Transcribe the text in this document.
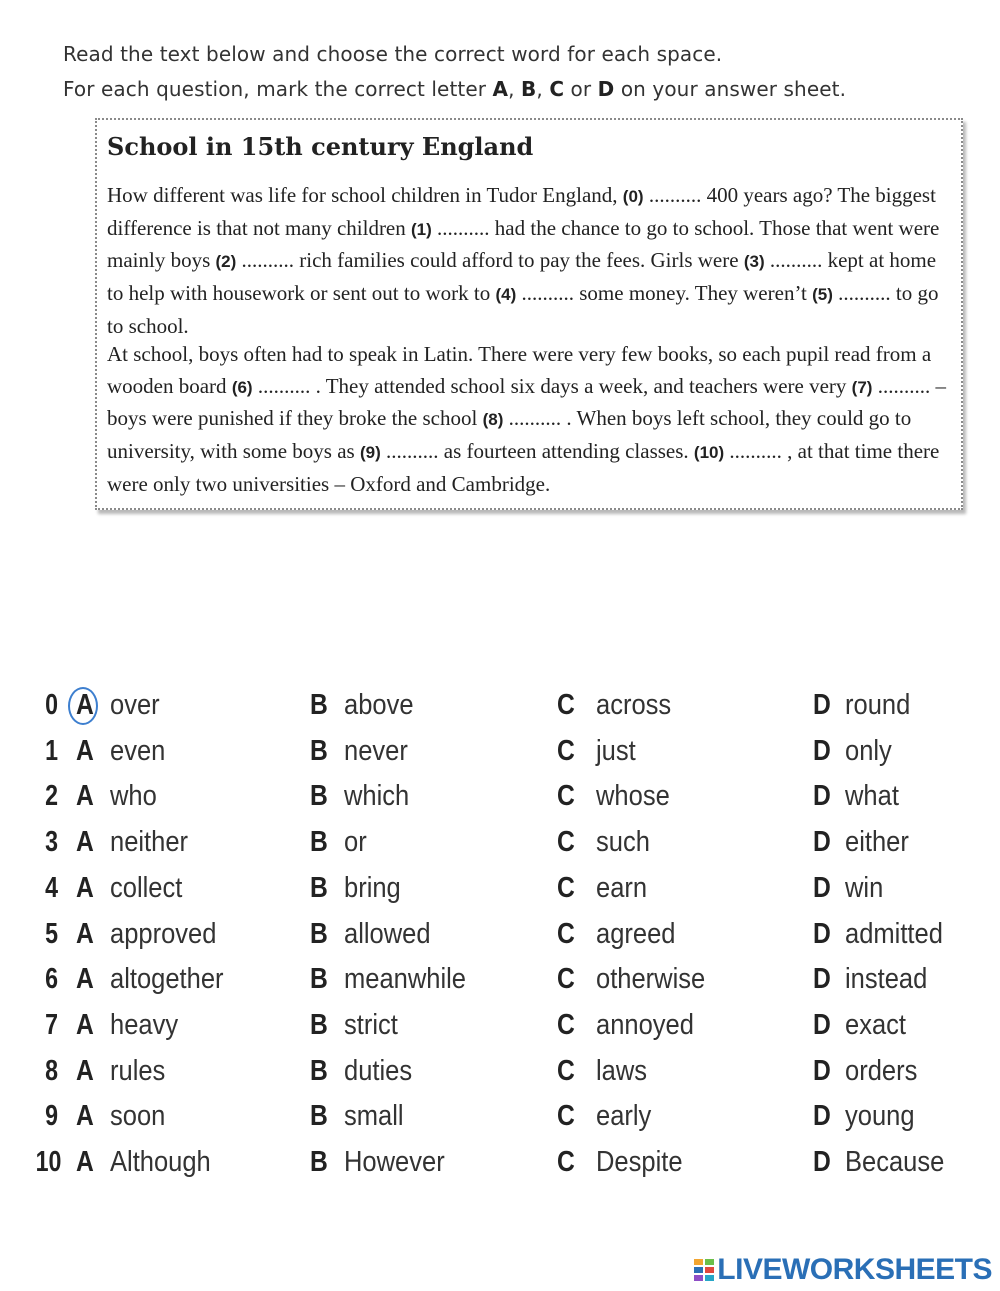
Read the text below and choose the correct word for each space.
For each question, mark the correct letter A, B, C or D on your answer sheet.
School in 15th century England
How different was life for school children in Tudor England, (0) .......... 400 years ago? The biggest difference is that not many children (1) .......... had the chance to go to school. Those that went were mainly boys (2) .......... rich families could afford to pay the fees. Girls were (3) .......... kept at home to help with housework or sent out to work to (4) .......... some money. They weren’t (5) .......... to go to school.
At school, boys often had to speak in Latin. There were very few books, so each pupil read from a wooden board (6) .......... . They attended school six days a week, and teachers were very (7) .......... – boys were punished if they broke the school (8) .......... . When boys left school, they could go to university, with some boys as (9) .......... as fourteen attending classes. (10) .......... , at that time there were only two universities – Oxford and Cambridge.
0 A over	B above	C across	D round
1 A even	B never	C just	D only
2 A who	B which	C whose	D what
3 A neither	B or	C such	D either
4 A collect	B bring	C earn	D win
5 A approved	B allowed	C agreed	D admitted
6 A altogether	B meanwhile	C otherwise	D instead
7 A heavy	B strict	C annoyed	D exact
8 A rules	B duties	C laws	D orders
9 A soon	B small	C early	D young
10 A Although	B However	C Despite	D Because
LIVEWORKSHEETS
